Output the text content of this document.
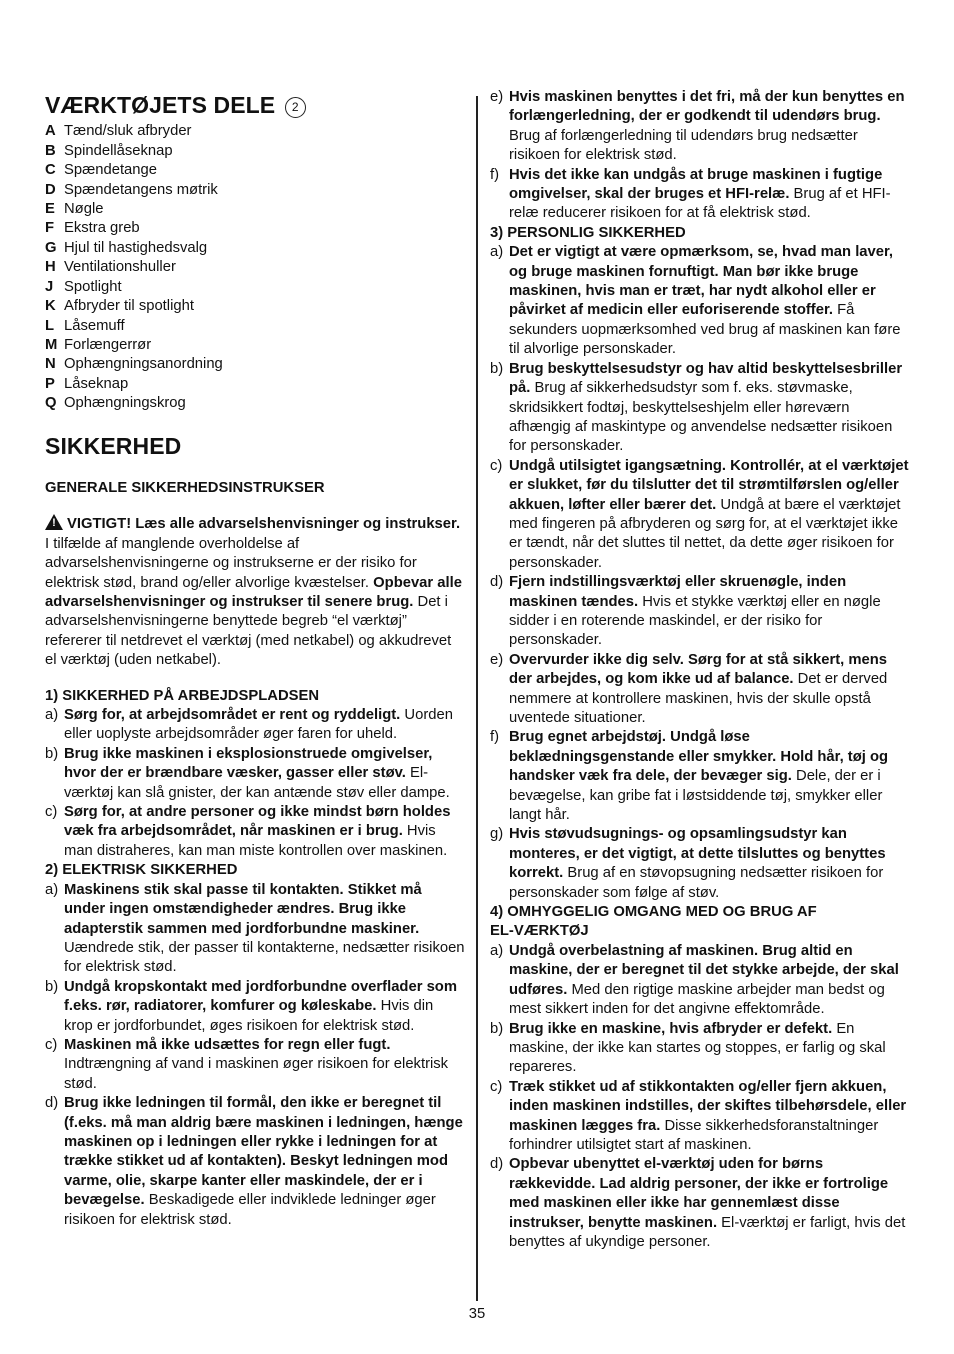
VÆRKTØJETS DELE 2
A Tænd/sluk afbryder
B Spindellåseknap
C Spændetange
D Spændetangens møtrik
E Nøgle
F Ekstra greb
G Hjul til hastighedsvalg
H Ventilationshuller
J Spotlight
K Afbryder til spotlight
L Låsemuff
M Forlængerrør
N Ophængningsanordning
P Låseknap
Q Ophængningskrog
SIKKERHED
GENERALE SIKKERHEDSINSTRUKSER

! VIGTIGT! Læs alle advarselshenvisninger og instrukser. I tilfælde af manglende overholdelse af advarselshenvisningerne og instrukserne er der risiko for elektrisk stød, brand og/eller alvorlige kvæstelser. Opbevar alle advarselshenvisninger og instrukser til senere brug. Det i advarselshenvisningerne benyttede begreb “el værktøj” refererer til netdrevet el værktøj (med netkabel) og akkudrevet el værktøj (uden netkabel).

1) SIKKERHED PÅ ARBEJDSPLADSEN
a) Sørg for, at arbejdsområdet er rent og ryddeligt. Uorden eller uoplyste arbejdsområder øger faren for uheld.
b) Brug ikke maskinen i eksplosionstruede omgivelser, hvor der er brændbare væsker, gasser eller støv. El-værktøj kan slå gnister, der kan antænde støv eller dampe.
c) Sørg for, at andre personer og ikke mindst børn holdes væk fra arbejdsområdet, når maskinen er i brug. Hvis man distraheres, kan man miste kontrollen over maskinen.
2) ELEKTRISK SIKKERHED
a) Maskinens stik skal passe til kontakten. Stikket må under ingen omstændigheder ændres. Brug ikke adapterstik sammen med jordforbundne maskiner. Uændrede stik, der passer til kontakterne, nedsætter risikoen for elektrisk stød.
b) Undgå kropskontakt med jordforbundne overflader som f.eks. rør, radiatorer, komfurer og køleskabe. Hvis din krop er jordforbundet, øges risikoen for elektrisk stød.
c) Maskinen må ikke udsættes for regn eller fugt. Indtrængning af vand i maskinen øger risikoen for elektrisk stød.
d) Brug ikke ledningen til formål, den ikke er beregnet til (f.eks. må man aldrig bære maskinen i ledningen, hænge maskinen op i ledningen eller rykke i ledningen for at trække stikket ud af kontakten). Beskyt ledningen mod varme, olie, skarpe kanter eller maskindele, der er i bevægelse. Beskadigede eller indviklede ledninger øger risikoen for elektrisk stød.
e) Hvis maskinen benyttes i det fri, må der kun benyttes en forlængerledning, der er godkendt til udendørs brug. Brug af forlængerledning til udendørs brug nedsætter risikoen for elektrisk stød.
f) Hvis det ikke kan undgås at bruge maskinen i fugtige omgivelser, skal der bruges et HFI-relæ. Brug af et HFI-relæ reducerer risikoen for at få elektrisk stød.
3) PERSONLIG SIKKERHED
a) Det er vigtigt at være opmærksom, se, hvad man laver, og bruge maskinen fornuftigt. Man bør ikke bruge maskinen, hvis man er træt, har nydt alkohol eller er påvirket af medicin eller euforiserende stoffer. Få sekunders uopmærksomhed ved brug af maskinen kan føre til alvorlige personskader.
b) Brug beskyttelsesudstyr og hav altid beskyttelsesbriller på. Brug af sikkerhedsudstyr som f. eks. støvmaske, skridsikkert fodtøj, beskyttelseshjelm eller høreværn afhængig af maskintype og anvendelse nedsætter risikoen for personskader.
c) Undgå utilsigtet igangsætning. Kontrollér, at el værktøjet er slukket, før du tilslutter det til strømtilførslen og/eller akkuen, løfter eller bærer det. Undgå at bære el værktøjet med fingeren på afbryderen og sørg for, at el værktøjet ikke er tændt, når det sluttes til nettet, da dette øger risikoen for personskader.
d) Fjern indstillingsværktøj eller skruenøgle, inden maskinen tændes. Hvis et stykke værktøj eller en nøgle sidder i en roterende maskindel, er der risiko for personskader.
e) Overvurder ikke dig selv. Sørg for at stå sikkert, mens der arbejdes, og kom ikke ud af balance. Det er derved nemmere at kontrollere maskinen, hvis der skulle opstå uventede situationer.
f) Brug egnet arbejdstøj. Undgå løse beklædningsgenstande eller smykker. Hold hår, tøj og handsker væk fra dele, der bevæger sig. Dele, der er i bevægelse, kan gribe fat i løstsiddende tøj, smykker eller langt hår.
g) Hvis støvudsugnings- og opsamlingsudstyr kan monteres, er det vigtigt, at dette tilsluttes og benyttes korrekt. Brug af en støvopsugning nedsætter risikoen for personskader som følge af støv.
4) OMHYGGELIG OMGANG MED OG BRUG AF
EL-VÆRKTØJ
a) Undgå overbelastning af maskinen. Brug altid en maskine, der er beregnet til det stykke arbejde, der skal udføres. Med den rigtige maskine arbejder man bedst og mest sikkert inden for det angivne effektområde.
b) Brug ikke en maskine, hvis afbryder er defekt. En maskine, der ikke kan startes og stoppes, er farlig og skal repareres.
c) Træk stikket ud af stikkontakten og/eller fjern akkuen, inden maskinen indstilles, der skiftes tilbehørsdele, eller maskinen lægges fra. Disse sikkerhedsforanstaltninger forhindrer utilsigtet start af maskinen.
d) Opbevar ubenyttet el-værktøj uden for børns rækkevidde. Lad aldrig personer, der ikke er fortrolige med maskinen eller ikke har gennemlæst disse instrukser, benytte maskinen. El-værktøj er farligt, hvis det benyttes af ukyndige personer.
35
